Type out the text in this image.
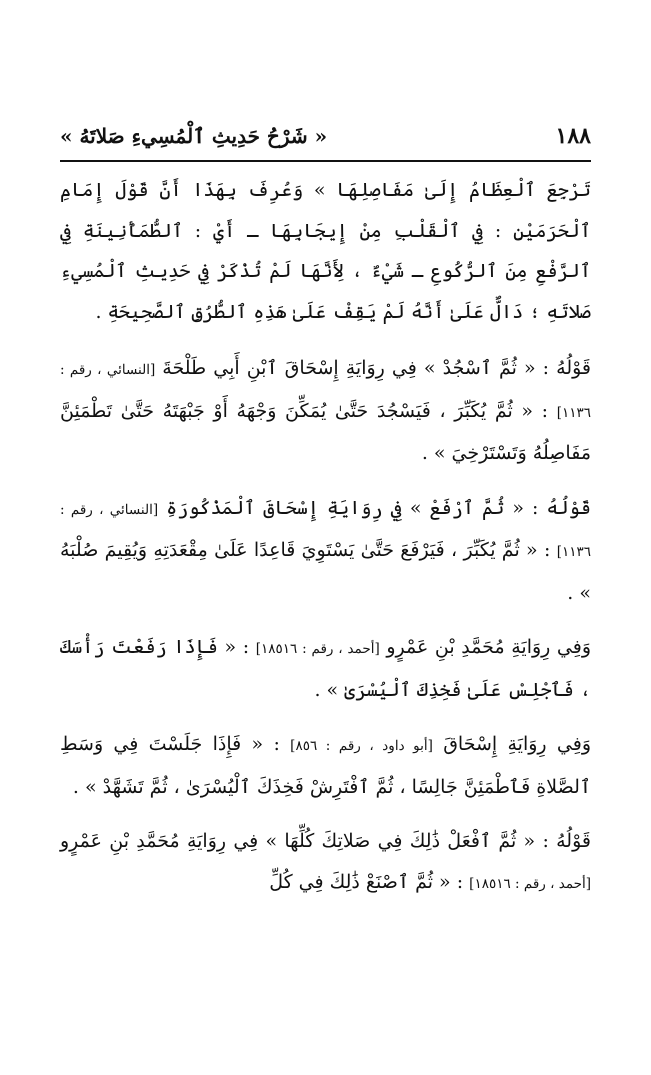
١٨٨
« شَرْحُ حَدِيثِ ٱلْمُسِيءِ صَلاتَهُ »

تَرْجِعَ ٱلْعِظَامُ إِلَىٰ مَفَاصِلِهَا » وَعُرِفَ بِهَذَا أَنَّ قَوْلَ إِمَامِ ٱلْحَرَمَيْنِ : فِي ٱلْقَلْبِ مِنْ إِيجَابِهَا ـ أَيْ : ٱلطُّمَأْنِينَةِ فِي ٱلرَّفْعِ مِنَ ٱلرُّكُوعِ ـ شَيْءٌ ، لِأَنَّهَا لَمْ تُذْكَرْ فِي حَدِيثِ ٱلْمُسِيءِ صَلاتَهِ ؛ دَالٌّ عَلَىٰ أَنَّهُ لَمْ يَقِفْ عَلَىٰ هَذِهِ ٱلطُّرُقِ ٱلصَّحِيحَةِ .

قَوْلُهُ : « ثُمَّ ٱسْجُدْ » فِي رِوَايَةِ إِسْحَاقَ ٱبْنِ أَبِي طَلْحَةَ [النسائي ، رقم : ١١٣٦] : « ثُمَّ يُكَبِّرَ ، فَيَسْجُدَ حَتَّىٰ يُمَكِّنَ وَجْهَهُ أَوْ جَبْهَتَهُ حَتَّىٰ تَطْمَئِنَّ مَفَاصِلُهُ وَتَسْتَرْخِيَ » .

قَوْلُهُ : « ثُمَّ ٱرْفَعْ » فِي رِوَايَةِ إِسْحَاقَ ٱلْمَذْكُورَةِ [النسائي ، رقم : ١١٣٦] : « ثُمَّ يُكَبِّرَ ، فَيَرْفَعَ حَتَّىٰ يَسْتَوِيَ قَاعِدًا عَلَىٰ مِقْعَدَتِهِ وَيُقِيمَ صُلْبَهُ » .

وَفِي رِوَايَةِ مُحَمَّدِ بْنِ عَمْرٍو [أحمد ، رقم : ١٨٥١٦] : « فَإِذَا رَفَعْتَ رَأْسَكَ ، فَٱجْلِسْ عَلَىٰ فَخِذِكَ ٱلْيُسْرَىٰ » .

وَفِي رِوَايَةِ إِسْحَاقَ [أبو داود ، رقم : ٨٥٦] : « فَإِذَا جَلَسْتَ فِي وَسَطِ ٱلصَّلاةِ فَٱطْمَئِنَّ جَالِسًا ، ثُمَّ ٱفْتَرِشْ فَخِذَكَ ٱلْيُسْرَىٰ ، ثُمَّ تَشَهَّدْ » .

قَوْلُهُ : « ثُمَّ ٱفْعَلْ ذَٰلِكَ فِي صَلاتِكَ كُلِّهَا » فِي رِوَايَةِ مُحَمَّدِ بْنِ عَمْرٍو [أحمد ، رقم : ١٨٥١٦] : « ثُمَّ ٱصْنَعْ ذَٰلِكَ فِي كُلِّ
